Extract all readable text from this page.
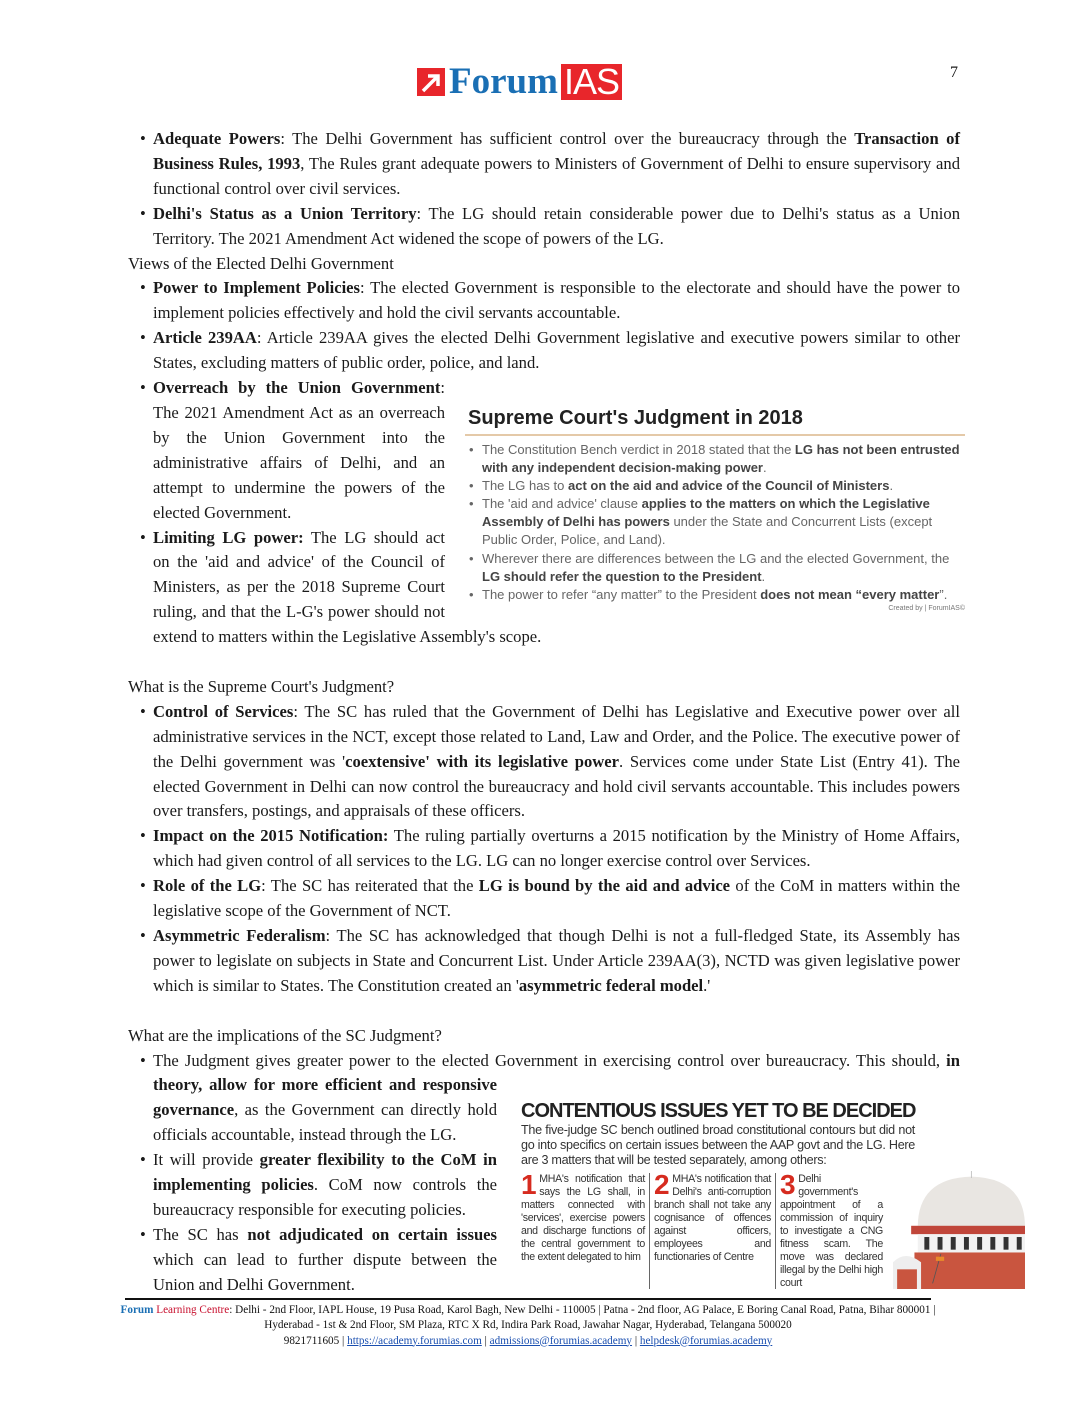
Forum IAS	7
• Adequate Powers: The Delhi Government has sufficient control over the bureaucracy through the Transaction of Business Rules, 1993, The Rules grant adequate powers to Ministers of Government of Delhi to ensure supervisory and functional control over civil services.
• Delhi's Status as a Union Territory: The LG should retain considerable power due to Delhi's status as a Union Territory. The 2021 Amendment Act widened the scope of powers of the LG.
Views of the Elected Delhi Government
• Power to Implement Policies: The elected Government is responsible to the electorate and should have the power to implement policies effectively and hold the civil servants accountable.
• Article 239AA: Article 239AA gives the elected Delhi Government legislative and executive powers similar to other States, excluding matters of public order, police, and land.
• Supreme Court's Judgment in 2018
• The Constitution Bench verdict in 2018 stated that the LG has not been entrusted with any independent decision-making power.
• The LG has to act on the aid and advice of the Council of Ministers.
• The 'aid and advice' clause applies to the matters on which the Legislative Assembly of Delhi has powers under the State and Concurrent Lists (except Public Order, Police, and Land).
• Wherever there are differences between the LG and the elected Government, the LG should refer the question to the President.
• The power to refer “any matter” to the President does not mean “every matter”.
Created by | ForumIAS©
Overreach by the Union Government: The 2021 Amendment Act as an overreach by the Union Government into the administrative affairs of Delhi, and an attempt to undermine the powers of the elected Government.
• Limiting LG power: The LG should act on the 'aid and advice' of the Council of Ministers, as per the 2018 Supreme Court ruling, and that the L-G's power should not extend to matters within the Legislative Assembly's scope.
What is the Supreme Court's Judgment?
• Control of Services: The SC has ruled that the Government of Delhi has Legislative and Executive power over all administrative services in the NCT, except those related to Land, Law and Order, and the Police. The executive power of the Delhi government was 'coextensive' with its legislative power. Services come under State List (Entry 41). The elected Government in Delhi can now control the bureaucracy and hold civil servants accountable. This includes powers over transfers, postings, and appraisals of these officers.
• Impact on the 2015 Notification: The ruling partially overturns a 2015 notification by the Ministry of Home Affairs, which had given control of all services to the LG. LG can no longer exercise control over Services.
• Role of the LG: The SC has reiterated that the LG is bound by the aid and advice of the CoM in matters within the legislative scope of the Government of NCT.
• Asymmetric Federalism: The SC has acknowledged that though Delhi is not a full-fledged State, its Assembly has power to legislate on subjects in State and Concurrent List. Under Article 239AA(3), NCTD was given legislative power which is similar to States. The Constitution created an 'asymmetric federal model.'
What are the implications of the SC Judgment?
• CONTENTIOUS ISSUES YET TO BE DECIDED
The five-judge SC bench outlined broad constitutional contours but did not go into specifics on certain issues between the AAP govt and the LG. Here are 3 matters that will be tested separately, among others:
1 MHA's notification that says the LG shall, in matters connected with 'services', exercise powers and discharge functions of the central government to the extent delegated to him
2 MHA's notification that Delhi's anti-corruption branch shall not take any cognisance of offences against officers, employees and functionaries of Centre
3 Delhi government's appointment of a commission of inquiry to investigate a CNG fitness scam. The move was declared illegal by the Delhi high court
The Judgment gives greater power to the elected Government in exercising control over bureaucracy. This should, in theory, allow for more efficient and responsive governance, as the Government can directly hold officials accountable, instead through the LG.
• It will provide greater flexibility to the CoM in implementing policies. CoM now controls the bureaucracy responsible for executing policies.
• The SC has not adjudicated on certain issues which can lead to further dispute between the Union and Delhi Government.
Forum Learning Centre: Delhi - 2nd Floor, IAPL House, 19 Pusa Road, Karol Bagh, New Delhi - 110005 | Patna - 2nd floor, AG Palace, E Boring Canal Road, Patna, Bihar 800001 | Hyderabad - 1st & 2nd Floor, SM Plaza, RTC X Rd, Indira Park Road, Jawahar Nagar, Hyderabad, Telangana 500020
9821711605 | https://academy.forumias.com | admissions@forumias.academy | helpdesk@forumias.academy
